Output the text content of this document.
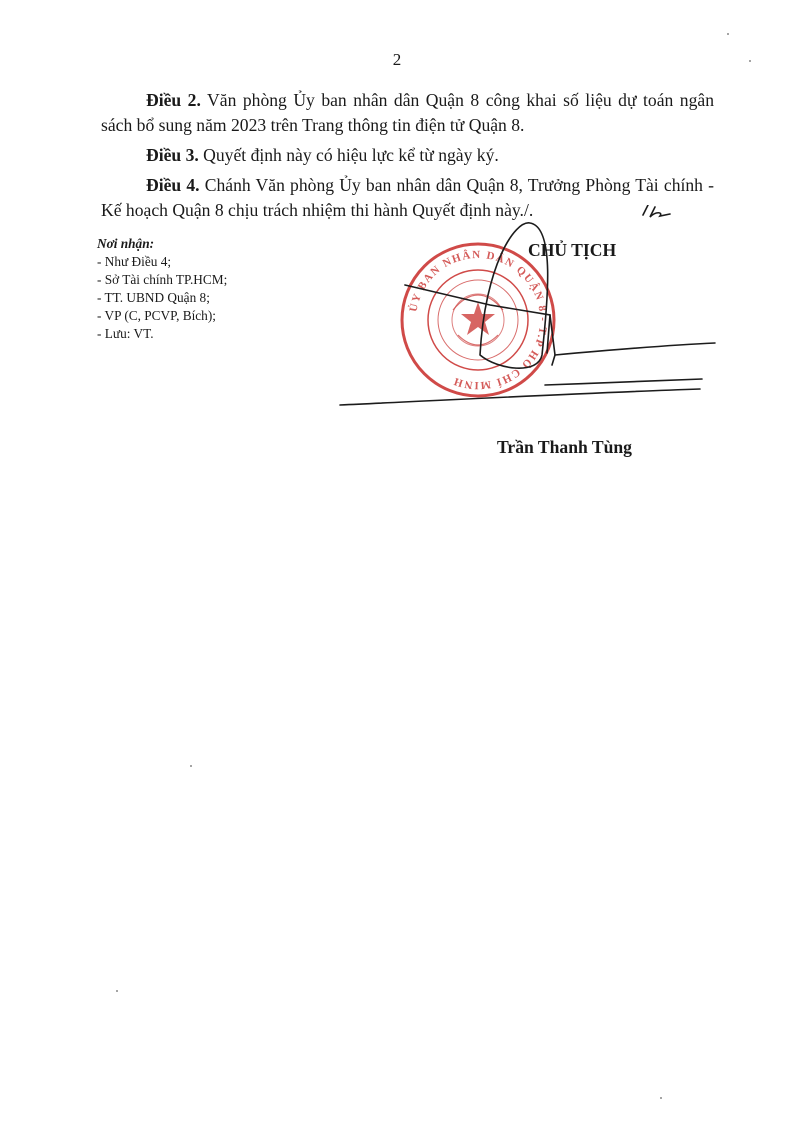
2

Điều 2. Văn phòng Ủy ban nhân dân Quận 8 công khai số liệu dự toán ngân sách bổ sung năm 2023 trên Trang thông tin điện tử Quận 8.

Điều 3. Quyết định này có hiệu lực kể từ ngày ký.

Điều 4. Chánh Văn phòng Ủy ban nhân dân Quận 8, Trưởng Phòng Tài chính - Kế hoạch Quận 8 chịu trách nhiệm thi hành Quyết định này./.

Nơi nhận:
- Như Điều 4;
- Sở Tài chính TP.HCM;
- TT. UBND Quận 8;
- VP (C, PCVP, Bích);
- Lưu: VT.
ỦY BAN NHÂN DÂN QUẬN 8 - T.P HỒ CHÍ MINH
CHỦ TỊCH
Trần Thanh Tùng
